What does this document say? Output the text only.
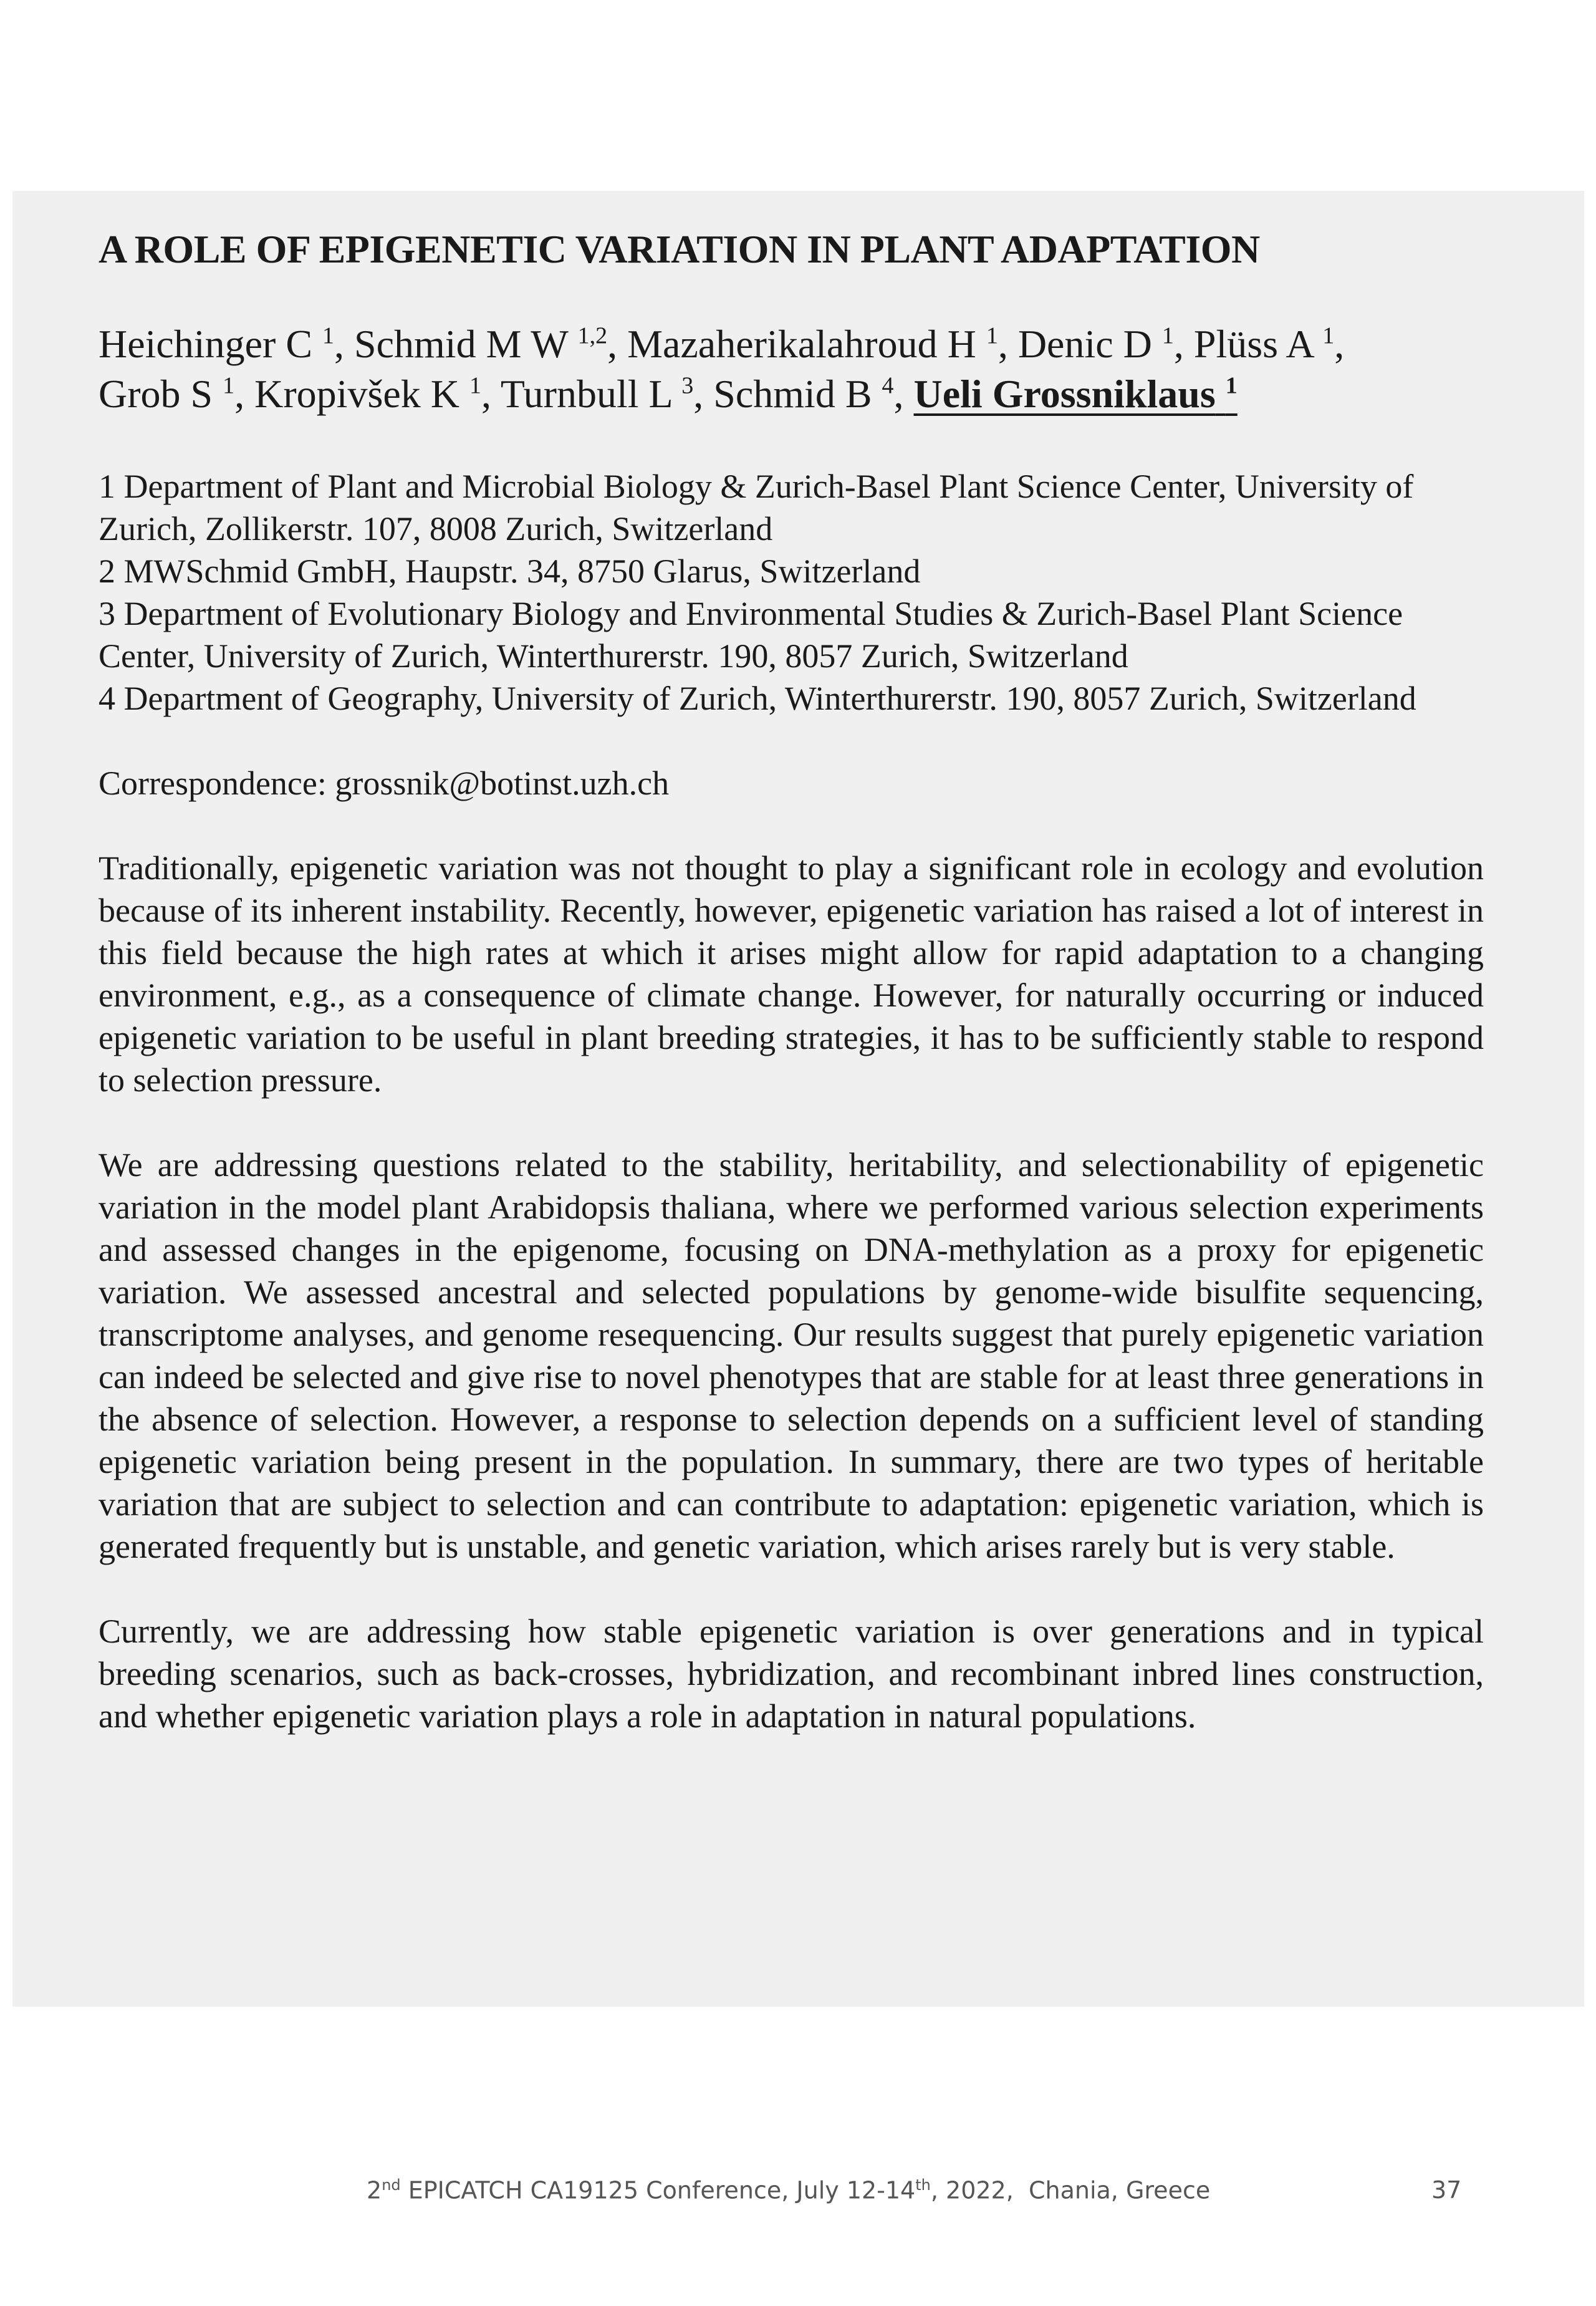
A ROLE OF EPIGENETIC VARIATION IN PLANT ADAPTATION
Heichinger C $^1$, Schmid M W $^{1,2}$, Mazaherikalahroud H $^1$, Denic D $^1$, Plüss A $^1$,
Grob S $^1$, Kropivšek K $^1$, Turnbull L $^3$, Schmid B $^4$, Ueli Grossniklaus $^1$
1 Department of Plant and Microbial Biology & Zurich-Basel Plant Science Center, University of Zurich, Zollikerstr. 107, 8008 Zurich, Switzerland
2 MWSchmid GmbH, Haupstr. 34, 8750 Glarus, Switzerland
3 Department of Evolutionary Biology and Environmental Studies & Zurich-Basel Plant Science Center, University of Zurich, Winterthurerstr. 190, 8057 Zurich, Switzerland
4 Department of Geography, University of Zurich, Winterthurerstr. 190, 8057 Zurich, Switzerland
Correspondence: grossnik@botinst.uzh.ch
Traditionally, epigenetic variation was not thought to play a significant role in ecology and evolution because of its inherent instability. Recently, however, epigenetic variation has raised a lot of interest in this field because the high rates at which it arises might allow for rapid adaptation to a changing environment, e.g., as a consequence of climate change. However, for naturally occurring or induced epigenetic variation to be useful in plant breeding strategies, it has to be sufficiently stable to respond to selection pressure.
We are addressing questions related to the stability, heritability, and selectionability of epigenetic variation in the model plant Arabidopsis thaliana, where we performed various selection experiments and assessed changes in the epigenome, focusing on DNA-methylation as a proxy for epigenetic variation. We assessed ancestral and selected populations by genome-wide bisulfite sequencing, transcriptome analyses, and genome resequencing. Our results suggest that purely epigenetic variation can indeed be selected and give rise to novel phenotypes that are stable for at least three generations in the absence of selection. However, a response to selection depends on a sufficient level of standing epigenetic variation being present in the population. In summary, there are two types of heritable variation that are subject to selection and can contribute to adaptation: epigenetic variation, which is generated frequently but is unstable, and genetic variation, which arises rarely but is very stable.
Currently, we are addressing how stable epigenetic variation is over generations and in typical breeding scenarios, such as back-crosses, hybridization, and recombinant inbred lines construction, and whether epigenetic variation plays a role in adaptation in natural populations.
2nd EPICATCH CA19125 Conference, July 12-14th, 2022,  Chania, Greece	37
